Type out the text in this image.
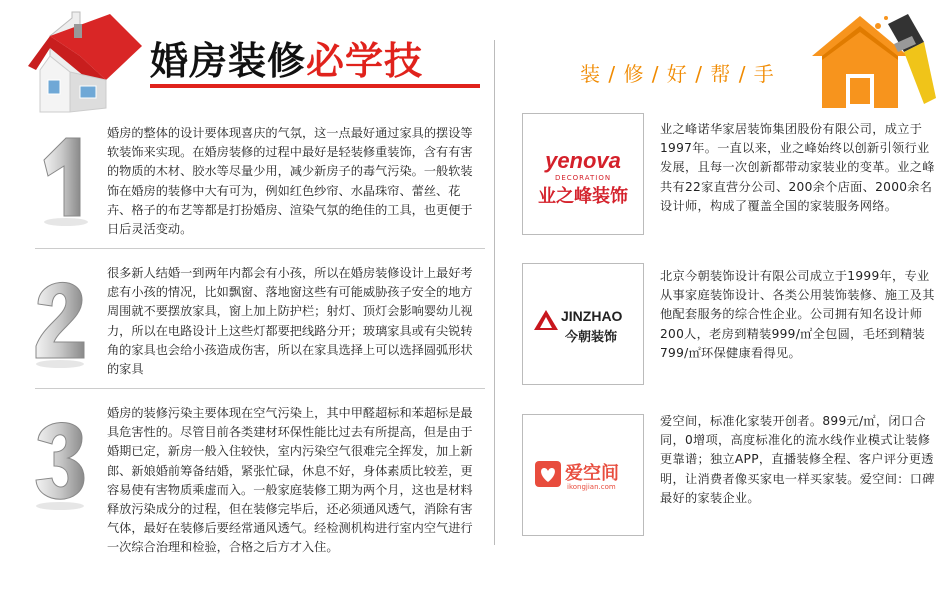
婚房装修必学技	装 / 修 / 好 / 帮 / 手
婚房的整体的设计要体现喜庆的气氛，这一点最好通过家具的摆设等软装饰来实现。在婚房装修的过程中最好是轻装修重装饰，含有有害的物质的木材、胶水等尽量少用，减少新房子的毒气污染。一般软装饰在婚房的装修中大有可为，例如红色纱帘、水晶珠帘、蕾丝、花卉、格子的布艺等都是打扮婚房、渲染气氛的绝佳的工具，也更便于日后灵活变动。
很多新人结婚一到两年内都会有小孩，所以在婚房装修设计上最好考虑有小孩的情况，比如飘窗、落地窗这些有可能威胁孩子安全的地方周围就不要摆放家具，窗上加上防护栏；射灯、顶灯会影响婴幼儿视力，所以在电路设计上这些灯都要把线路分开；玻璃家具或有尖锐转角的家具也会给小孩造成伤害，所以在家具选择上可以选择圆弧形状的家具
婚房的装修污染主要体现在空气污染上，其中甲醛超标和苯超标是最具危害性的。尽管目前各类建材环保性能比过去有所提高，但是由于婚期已定，新房一般入住较快，室内污染空气很难完全挥发，加上新郎、新娘婚前筹备结婚，紧张忙碌，休息不好，身体素质比较差，更容易使有害物质乘虚而入。一般家庭装修工期为两个月，这也是材料释放污染成分的过程，但在装修完毕后，还必须通风透气，消除有害气体，最好在装修后要经常通风透气。经检测机构进行室内空气进行一次综合治理和检验，合格之后方才入住。
yenova
DECORATION
业之峰装饰
业之峰诺华家居装饰集团股份有限公司，成立于1997年。一直以来，业之峰始终以创新引领行业发展，且每一次创新都带动家装业的变革。业之峰共有22家直营分公司、200余个店面、2000余名设计师，构成了覆盖全国的家装服务网络。
JINZHAO
今朝装饰
北京今朝装饰设计有限公司成立于1999年，专业从事家庭装饰设计、各类公用装饰装修、施工及其他配套服务的综合性企业。公司拥有知名设计师200人，老房到精装999/㎡全包圆，毛坯到精装799/㎡环保健康看得见。
爱空间
ikongjian.com
爱空间，标准化家装开创者。899元/㎡，闭口合同，0增项，高度标准化的流水线作业模式让装修更靠谱；独立APP，直播装修全程、客户评分更透明，让消费者像买家电一样买家装。爱空间：口碑最好的家装企业。
